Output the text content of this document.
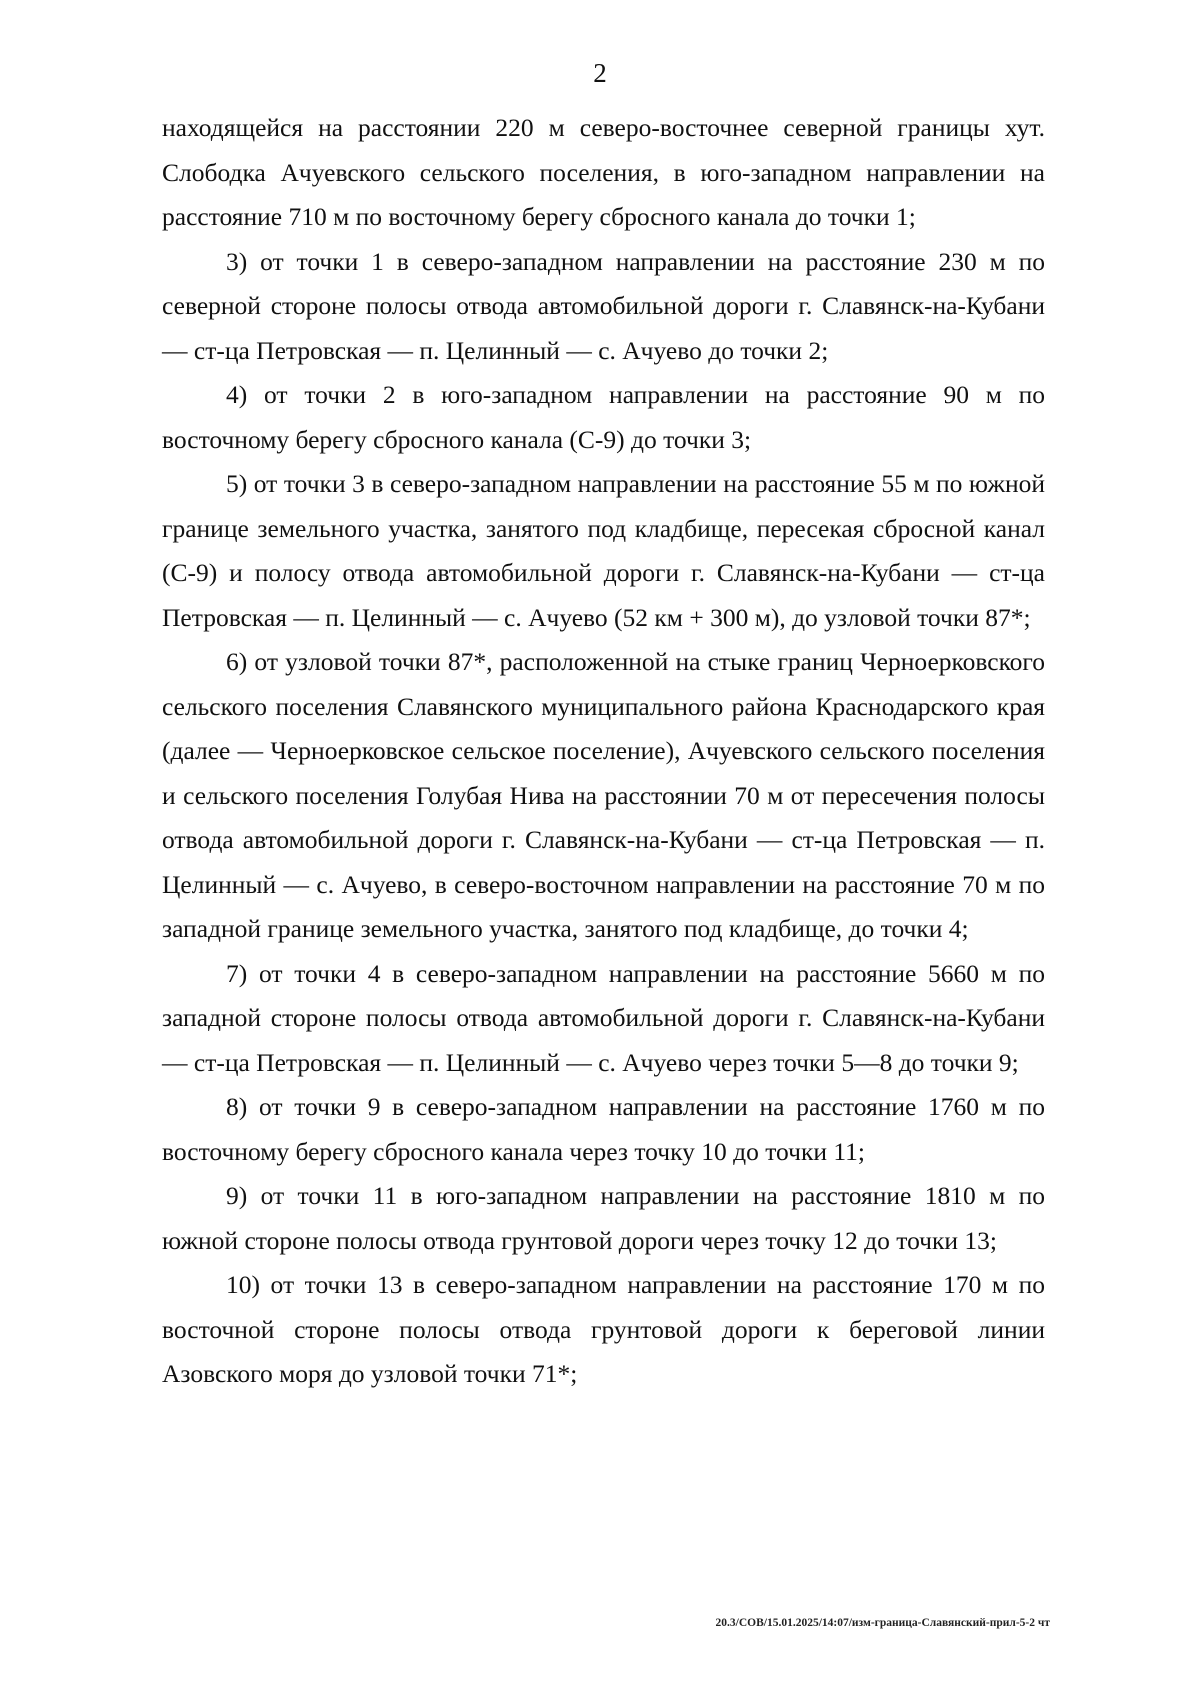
2

находящейся на расстоянии 220 м северо-восточнее северной границы хут. Слободка Ачуевского сельского поселения, в юго-западном направлении на расстояние 710 м по восточному берегу сбросного канала до точки 1;

3) от точки 1 в северо-западном направлении на расстояние 230 м по северной стороне полосы отвода автомобильной дороги г. Славянск-на-Кубани — ст-ца Петровская — п. Целинный — с. Ачуево до точки 2;

4) от точки 2 в юго-западном направлении на расстояние 90 м по восточному берегу сбросного канала (С-9) до точки 3;

5) от точки 3 в северо-западном направлении на расстояние 55 м по южной границе земельного участка, занятого под кладбище, пересекая сбросной канал (С-9) и полосу отвода автомобильной дороги г. Славянск-на-Кубани — ст-ца Петровская — п. Целинный — с. Ачуево (52 км + 300 м), до узловой точки 87*;

6) от узловой точки 87*, расположенной на стыке границ Черноерковского сельского поселения Славянского муниципального района Краснодарского края (далее — Черноерковское сельское поселение), Ачуевского сельского поселения и сельского поселения Голубая Нива на расстоянии 70 м от пересечения полосы отвода автомобильной дороги г. Славянск-на-Кубани — ст-ца Петровская — п. Целинный — с. Ачуево, в северо-восточном направлении на расстояние 70 м по западной границе земельного участка, занятого под кладбище, до точки 4;

7) от точки 4 в северо-западном направлении на расстояние 5660 м по западной стороне полосы отвода автомобильной дороги г. Славянск-на-Кубани — ст-ца Петровская — п. Целинный — с. Ачуево через точки 5—8 до точки 9;

8) от точки 9 в северо-западном направлении на расстояние 1760 м по восточному берегу сбросного канала через точку 10 до точки 11;

9) от точки 11 в юго-западном направлении на расстояние 1810 м по южной стороне полосы отвода грунтовой дороги через точку 12 до точки 13;

10) от точки 13 в северо-западном направлении на расстояние 170 м по восточной стороне полосы отвода грунтовой дороги к береговой линии Азовского моря до узловой точки 71*;

20.3/СОВ/15.01.2025/14:07/изм-граница-Славянский-прил-5-2 чт
